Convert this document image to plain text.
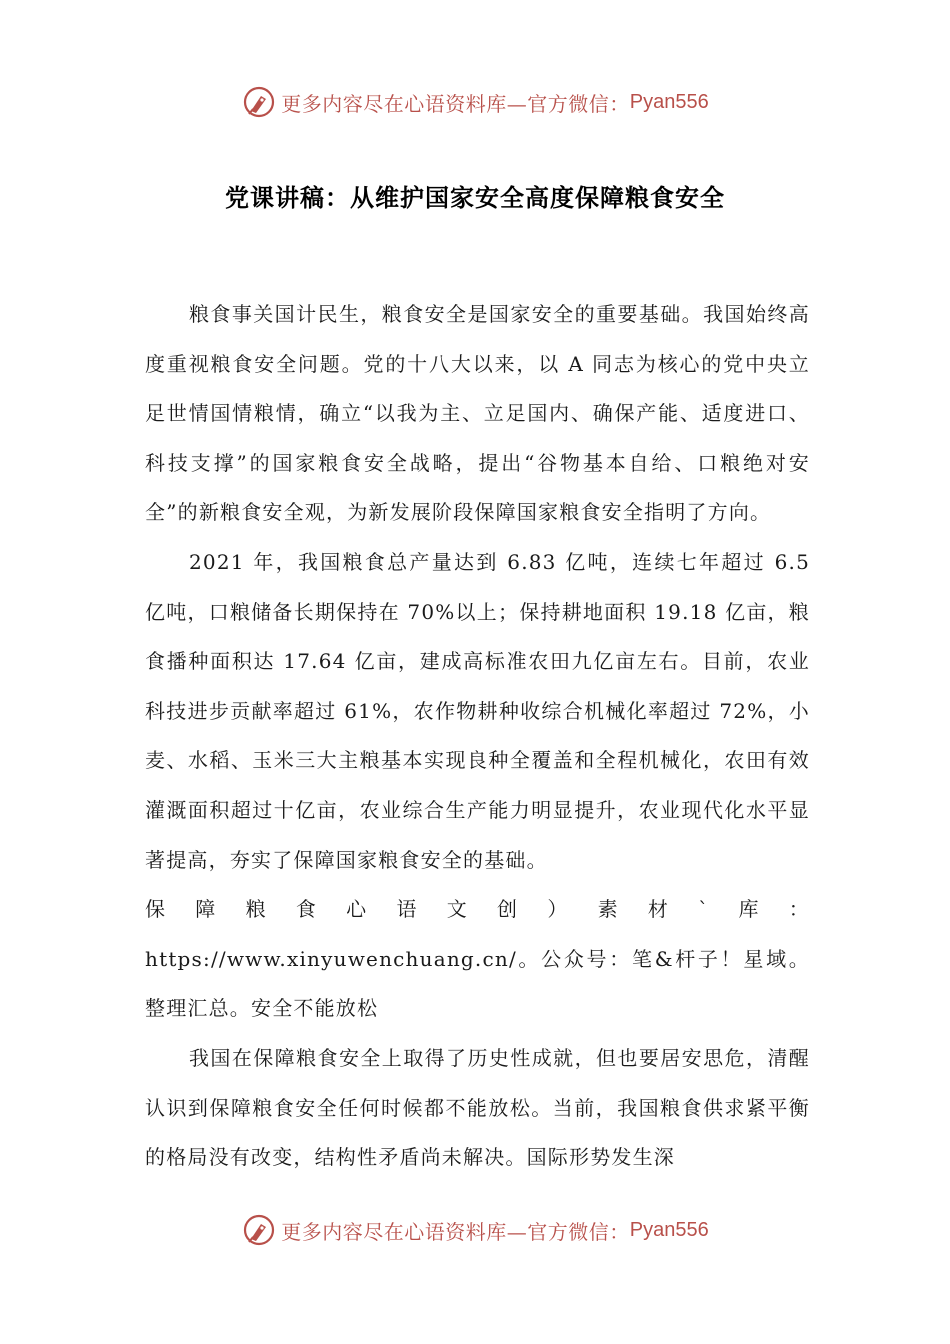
更多内容尽在心语资料库—官方微信： Pyan556
党课讲稿：从维护国家安全高度保障粮食安全

粮食事关国计民生，粮食安全是国家安全的重要基础。我国始终高度重视粮食安全问题。党的十八大以来，以 A 同志为核心的党中央立足世情国情粮情，确立“以我为主、立足国内、确保产能、适度进口、科技支撑”的国家粮食安全战略，提出“谷物基本自给、口粮绝对安全”的新粮食安全观，为新发展阶段保障国家粮食安全指明了方向。

2021 年，我国粮食总产量达到 6.83 亿吨，连续七年超过 6.5 亿吨，口粮储备长期保持在 70%以上；保持耕地面积 19.18 亿亩，粮食播种面积达 17.64 亿亩，建成高标准农田九亿亩左右。目前，农业科技进步贡献率超过 61%，农作物耕种收综合机械化率超过 72%，小麦、水稻、玉米三大主粮基本实现良种全覆盖和全程机械化，农田有效灌溉面积超过十亿亩，农业综合生产能力明显提升，农业现代化水平显著提高，夯实了保障国家粮食安全的基础。

保障粮食心语文创）素材`库：https://www.xinyuwenchuang.cn/。公众号：笔&杆子！星域。整理汇总。安全不能放松

我国在保障粮食安全上取得了历史性成就，但也要居安思危，清醒认识到保障粮食安全任何时候都不能放松。当前，我国粮食供求紧平衡的格局没有改变，结构性矛盾尚未解决。国际形势发生深

更多内容尽在心语资料库—官方微信： Pyan556
